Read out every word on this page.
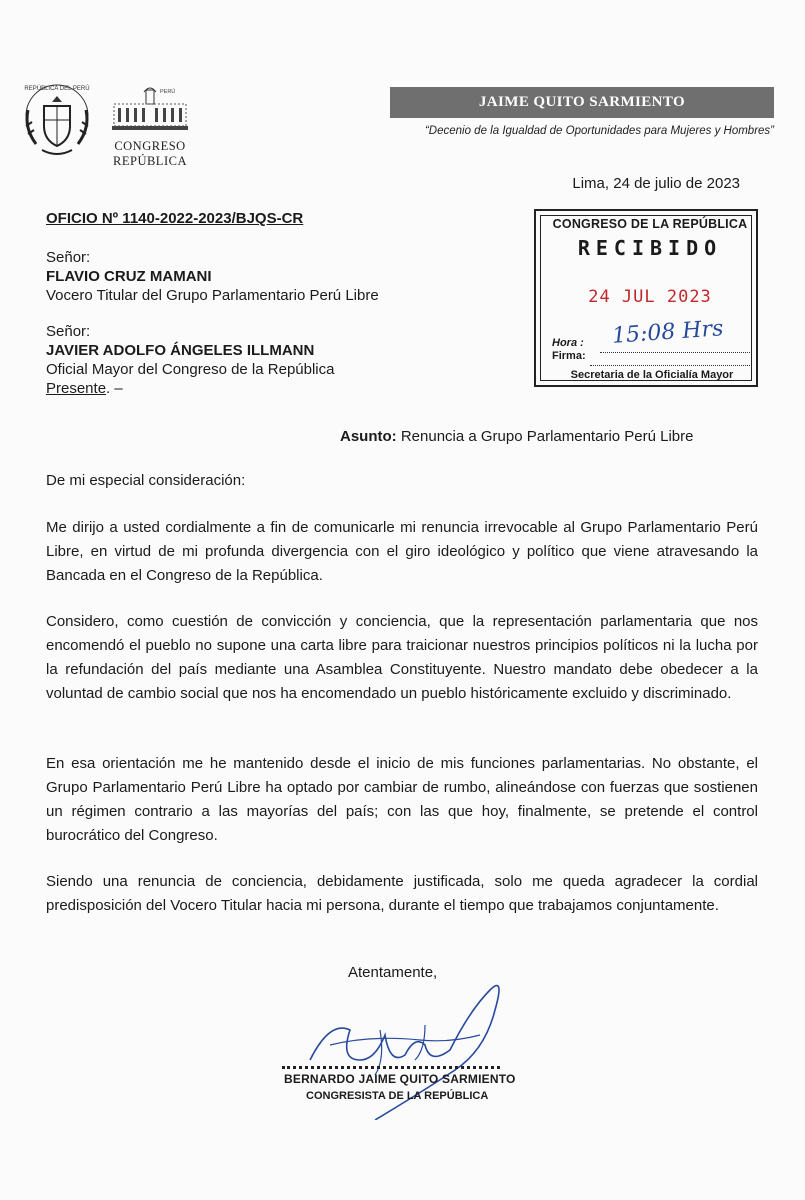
REPÚBLICA DEL PERÚ	PERÚ
CONGRESO
REPÚBLICA
JAIME QUITO SARMIENTO
“Decenio de la Igualdad de Oportunidades para Mujeres y Hombres”
Lima, 24 de julio de 2023
OFICIO Nº 1140-2022-2023/BJQS-CR
Señor:
FLAVIO CRUZ MAMANI
Vocero Titular del Grupo Parlamentario Perú Libre
Señor:
JAVIER ADOLFO ÁNGELES ILLMANN
Oficial Mayor del Congreso de la República
Presente. –
CONGRESO DE LA REPÚBLICA
RECIBIDO
24 JUL 2023
Hora :
Firma:
15:08 Hrs
Secretaria de la Oficialía Mayor
Asunto: Renuncia a Grupo Parlamentario Perú Libre
De mi especial consideración:
Me dirijo a usted cordialmente a fin de comunicarle mi renuncia irrevocable al Grupo Parlamentario Perú Libre, en virtud de mi profunda divergencia con el giro ideológico y político que viene atravesando la Bancada en el Congreso de la República.
Considero, como cuestión de convicción y conciencia, que la representación parlamentaria que nos encomendó el pueblo no supone una carta libre para traicionar nuestros principios políticos ni la lucha por la refundación del país mediante una Asamblea Constituyente. Nuestro mandato debe obedecer a la voluntad de cambio social que nos ha encomendado un pueblo históricamente excluido y discriminado.
En esa orientación me he mantenido desde el inicio de mis funciones parlamentarias. No obstante, el Grupo Parlamentario Perú Libre ha optado por cambiar de rumbo, alineándose con fuerzas que sostienen un régimen contrario a las mayorías del país; con las que hoy, finalmente, se pretende el control burocrático del Congreso.
Siendo una renuncia de conciencia, debidamente justificada, solo me queda agradecer la cordial predisposición del Vocero Titular hacia mi persona, durante el tiempo que trabajamos conjuntamente.
Atentamente,
BERNARDO JAIME QUITO SARMIENTO
CONGRESISTA DE LA REPÚBLICA
